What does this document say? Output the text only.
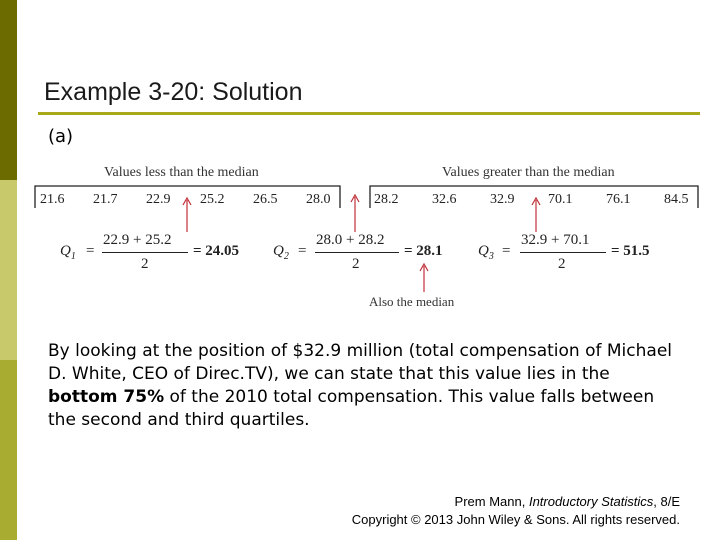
Example 3-20: Solution
(a)
Values less than the median	Values greater than the median
21.6 21.7 22.9 25.2 26.5 28.0	28.2 32.6 32.9 70.1 76.1 84.5
$Q_1$ =
22.9 + 25.2
2
= 24.05 $Q_2$ =
28.0 + 28.2
2
= 28.1 $Q_3$ =
32.9 + 70.1
2
= 51.5
Also the median
By looking at the position of $32.9 million (total compensation of Michael D. White, CEO of Direc.TV), we can state that this value lies in the bottom 75% of the 2010 total compensation. This value falls between the second and third quartiles.
Prem Mann, Introductory Statistics, 8/E
Copyright © 2013 John Wiley & Sons. All rights reserved.
